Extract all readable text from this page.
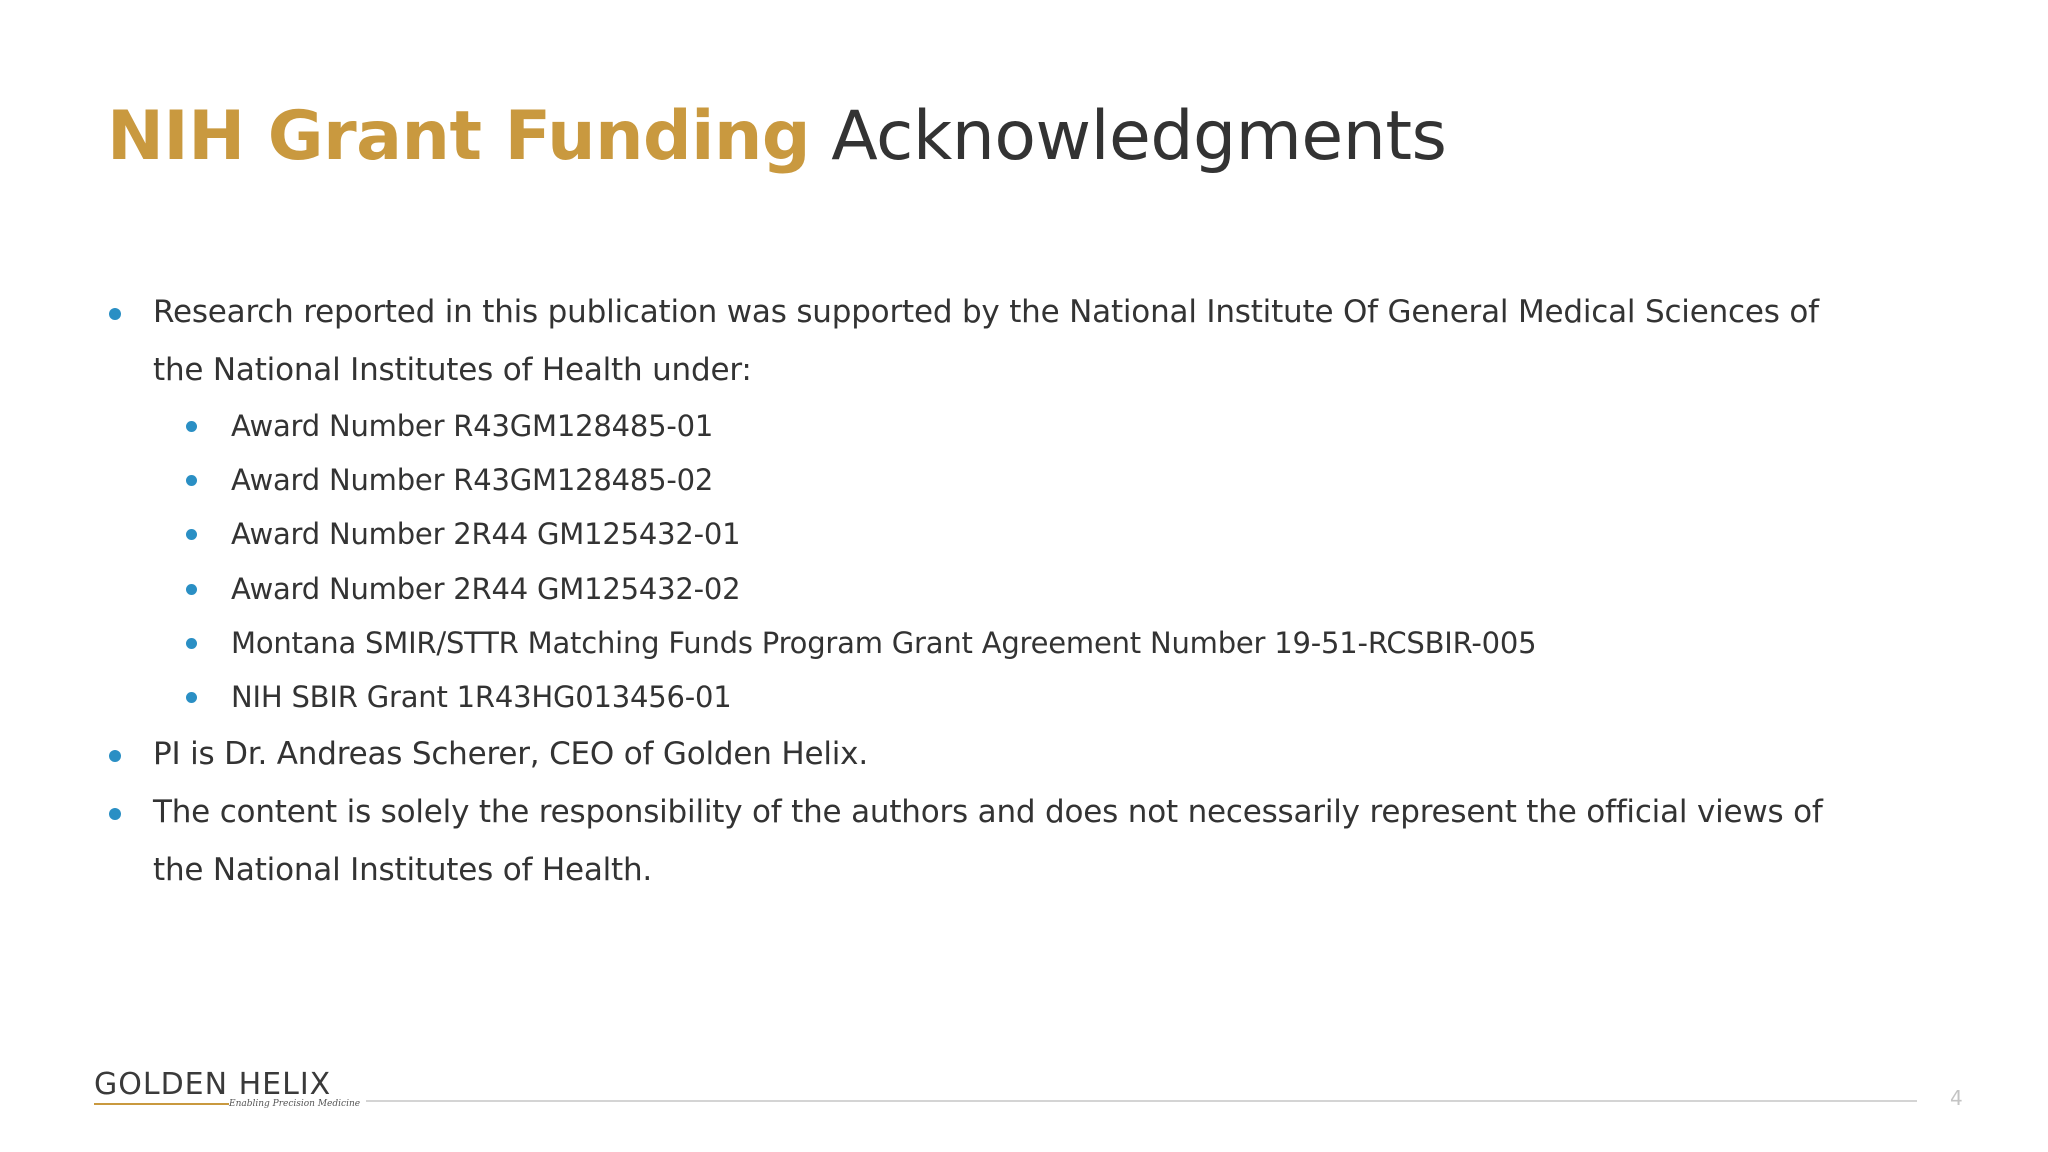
NIH Grant Funding Acknowledgments
Research reported in this publication was supported by the National Institute Of General Medical Sciences of
the National Institutes of Health under:
Award Number R43GM128485-01
Award Number R43GM128485-02
Award Number 2R44 GM125432-01
Award Number 2R44 GM125432-02
Montana SMIR/STTR Matching Funds Program Grant Agreement Number 19-51-RCSBIR-005
NIH SBIR Grant 1R43HG013456-01
PI is Dr. Andreas Scherer, CEO of Golden Helix.
The content is solely the responsibility of the authors and does not necessarily represent the official views of
the National Institutes of Health.
GOLDEN HELIX
Enabling Precision Medicine	4
